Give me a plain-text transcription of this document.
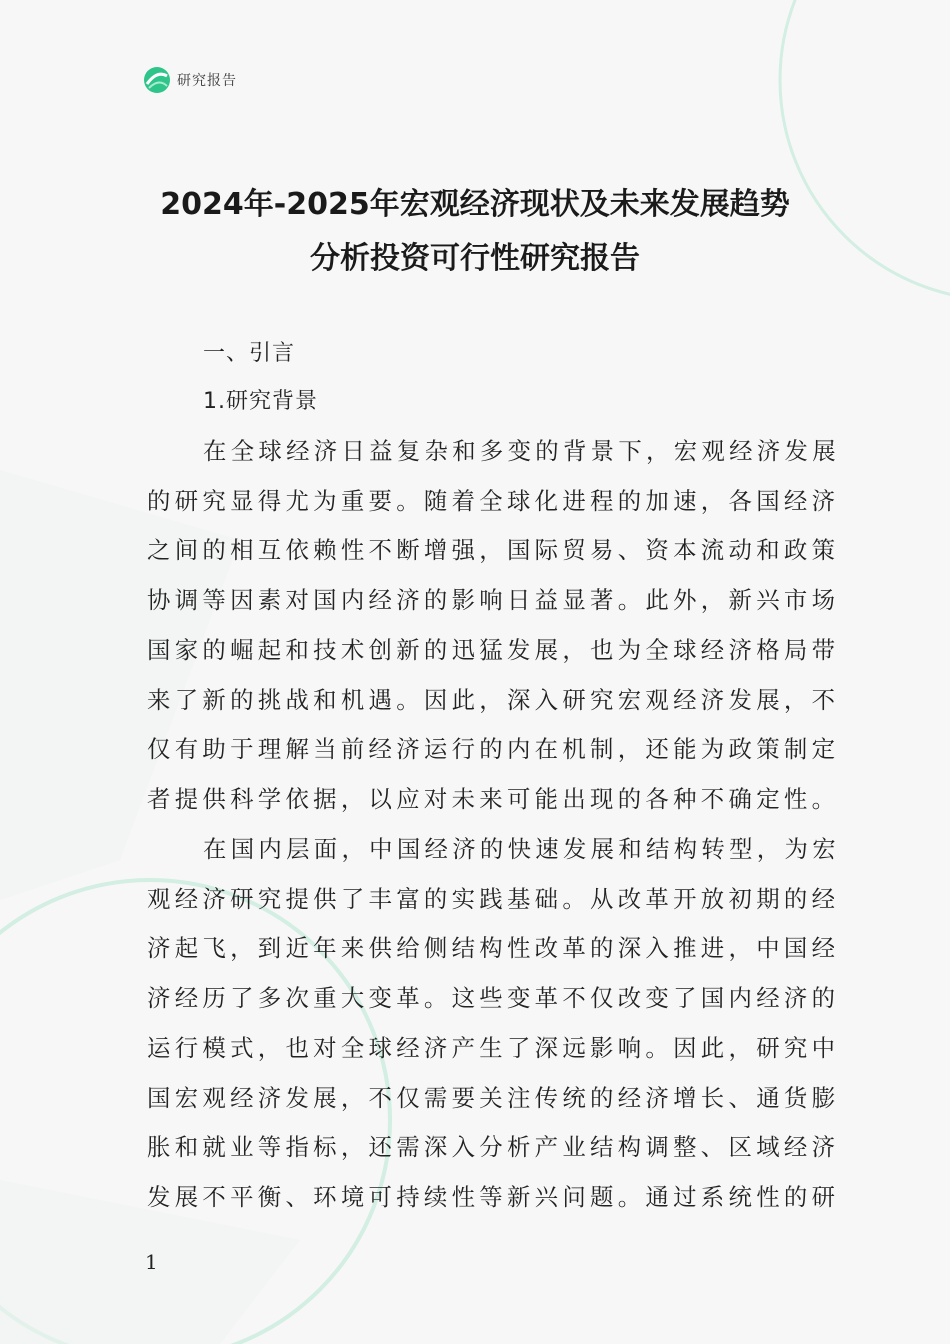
研究报告
2024年-2025年宏观经济现状及未来发展趋势
分析投资可行性研究报告
一、引言
1.研究背景
在全球经济日益复杂和多变的背景下，宏观经济发展
的研究显得尤为重要。随着全球化进程的加速，各国经济
之间的相互依赖性不断增强，国际贸易、资本流动和政策
协调等因素对国内经济的影响日益显著。此外，新兴市场
国家的崛起和技术创新的迅猛发展，也为全球经济格局带
来了新的挑战和机遇。因此，深入研究宏观经济发展，不
仅有助于理解当前经济运行的内在机制，还能为政策制定
者提供科学依据，以应对未来可能出现的各种不确定性。
在国内层面，中国经济的快速发展和结构转型，为宏
观经济研究提供了丰富的实践基础。从改革开放初期的经
济起飞，到近年来供给侧结构性改革的深入推进，中国经
济经历了多次重大变革。这些变革不仅改变了国内经济的
运行模式，也对全球经济产生了深远影响。因此，研究中
国宏观经济发展，不仅需要关注传统的经济增长、通货膨
胀和就业等指标，还需深入分析产业结构调整、区域经济
发展不平衡、环境可持续性等新兴问题。通过系统性的研
1
